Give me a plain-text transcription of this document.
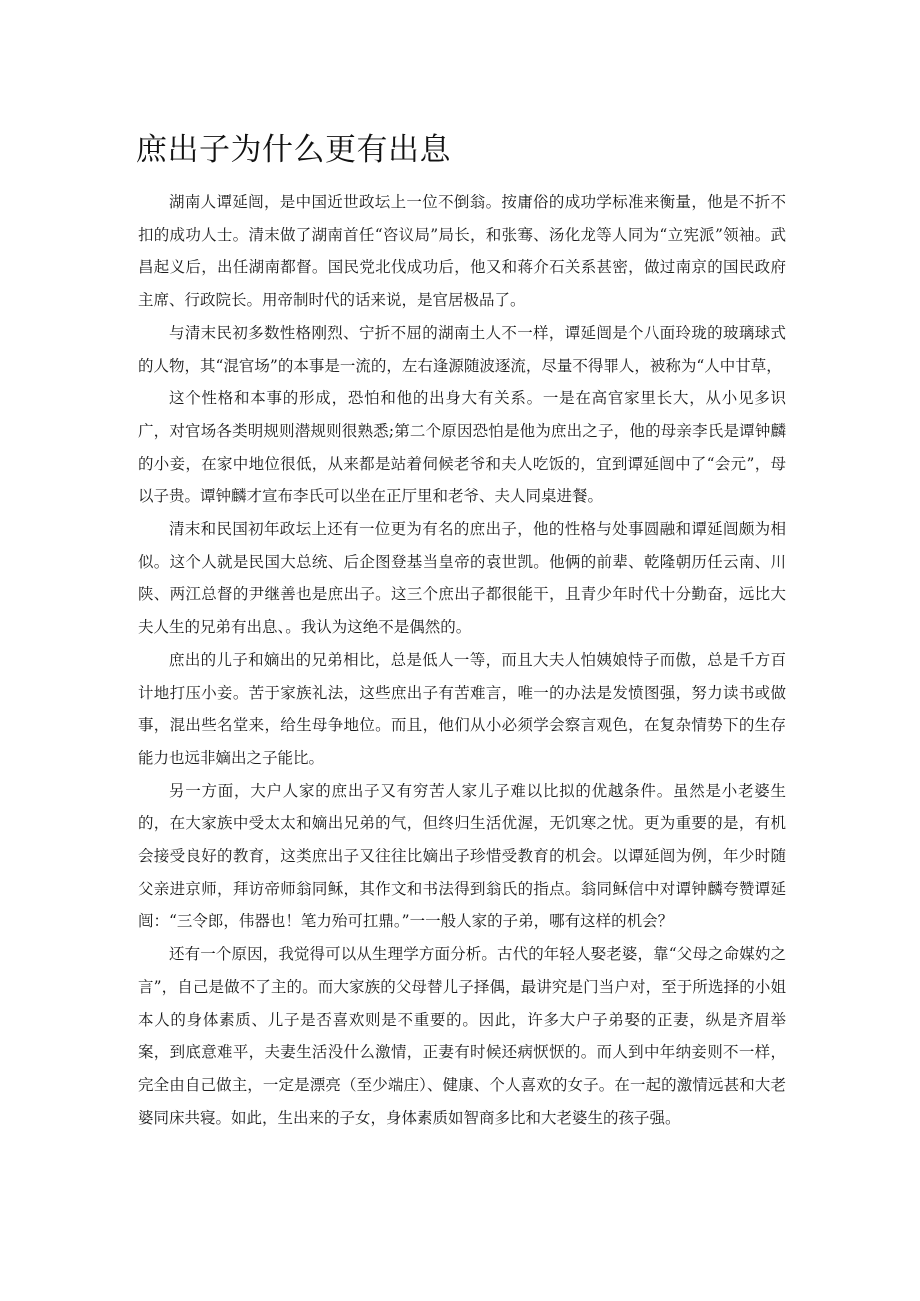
庶出子为什么更有出息

湖南人谭延闿，是中国近世政坛上一位不倒翁。按庸俗的成功学标准来衡量，他是不折不扣的成功人士。清末做了湖南首任“咨议局”局长，和张骞、汤化龙等人同为“立宪派”领袖。武昌起义后，出任湖南都督。国民党北伐成功后，他又和蒋介石关系甚密，做过南京的国民政府主席、行政院长。用帝制时代的话来说，是官居极品了。

与清末民初多数性格刚烈、宁折不屈的湖南土人不一样，谭延闿是个八面玲珑的玻璃球式的人物，其“混官场”的本事是一流的，左右逢源随波逐流，尽量不得罪人，被称为“人中甘草，

这个性格和本事的形成，恐怕和他的出身大有关系。一是在高官家里长大，从小见多识广，对官场各类明规则潜规则很熟悉;第二个原因恐怕是他为庶出之子，他的母亲李氏是谭钟麟的小妾，在家中地位很低，从来都是站着伺候老爷和夫人吃饭的，宜到谭延闿中了“会元”，母以子贵。谭钟麟才宣布李氏可以坐在正厅里和老爷、夫人同桌进餐。

清末和民国初年政坛上还有一位更为有名的庶出子，他的性格与处事圆融和谭延闿颇为相似。这个人就是民国大总统、后企图登基当皇帝的袁世凯。他俩的前辈、乾隆朝历任云南、川陕、两江总督的尹继善也是庶出子。这三个庶出子都很能干，且青少年时代十分勤奋，远比大夫人生的兄弟有出息、。我认为这绝不是偶然的。

庶出的儿子和嫡出的兄弟相比，总是低人一等，而且大夫人怕姨娘恃子而傲，总是千方百计地打压小妾。苦于家族礼法，这些庶出子有苦难言，唯一的办法是发愤图强，努力读书或做事，混出些名堂来，给生母争地位。而且，他们从小必须学会察言观色，在复杂情势下的生存能力也远非嫡出之子能比。

另一方面，大户人家的庶出子又有穷苦人家儿子难以比拟的优越条件。虽然是小老婆生的，在大家族中受太太和嫡出兄弟的气，但终归生活优渥，无饥寒之忧。更为重要的是，有机会接受良好的教育，这类庶出子又往往比嫡出子珍惜受教育的机会。以谭延闿为例，年少时随父亲进京师，拜访帝师翁同稣，其作文和书法得到翁氏的指点。翁同稣信中对谭钟麟夸赞谭延闿：“三令郎，伟器也！笔力殆可扛鼎。”一一般人家的子弟，哪有这样的机会？

还有一个原因，我觉得可以从生理学方面分析。古代的年轻人娶老婆，靠“父母之命媒妁之言”，自己是做不了主的。而大家族的父母替儿子择偶，最讲究是门当户对，至于所选择的小姐本人的身体素质、儿子是否喜欢则是不重要的。因此，许多大户子弟娶的正妻，纵是齐眉举案，到底意难平，夫妻生活没什么激情，正妻有时候还病恹恹的。而人到中年纳妾则不一样，完全由自己做主，一定是漂亮（至少端庄）、健康、个人喜欢的女子。在一起的激情远甚和大老婆同床共寝。如此，生出来的子女，身体素质如智商多比和大老婆生的孩子强。
